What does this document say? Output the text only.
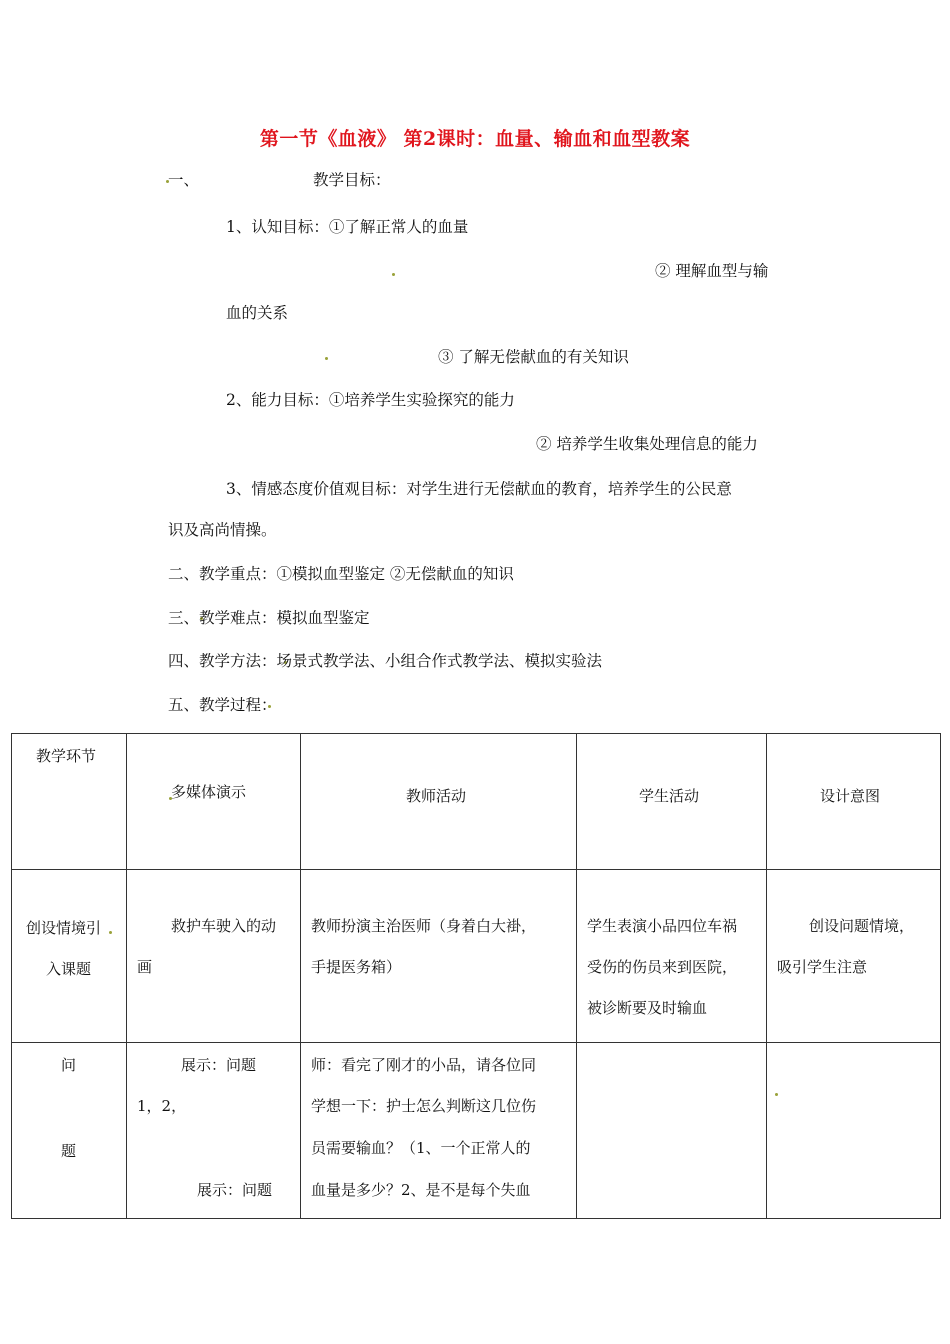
第一节《血液》 第2课时：血量、输血和血型教案
一、	教学目标：
1、认知目标：①了解正常人的血量
② 理解血型与输
血的关系
③ 了解无偿献血的有关知识
2、能力目标：①培养学生实验探究的能力
② 培养学生收集处理信息的能力
3、情感态度价值观目标：对学生进行无偿献血的教育，培养学生的公民意
识及高尚情操。
二、教学重点：①模拟血型鉴定 ②无偿献血的知识
三、教学难点：模拟血型鉴定
四、教学方法：场景式教学法、小组合作式教学法、模拟实验法
五、教学过程：
教学环节	多媒体演示	教师活动	学生活动	设计意图

创设情境引
入课题	救护车驶入的动
画	教师扮演主治医师（身着白大褂，
手提医务箱）	学生表演小品四位车祸
受伤的伤员来到医院，
被诊断要及时输血	创设问题情境，
吸引学生注意

问
题	展示：问题
1，2，
展示：问题	师：看完了刚才的小品，请各位同
学想一下：护士怎么判断这几位伤
员需要输血？（1、一个正常人的
血量是多少？2、是不是每个失血		
